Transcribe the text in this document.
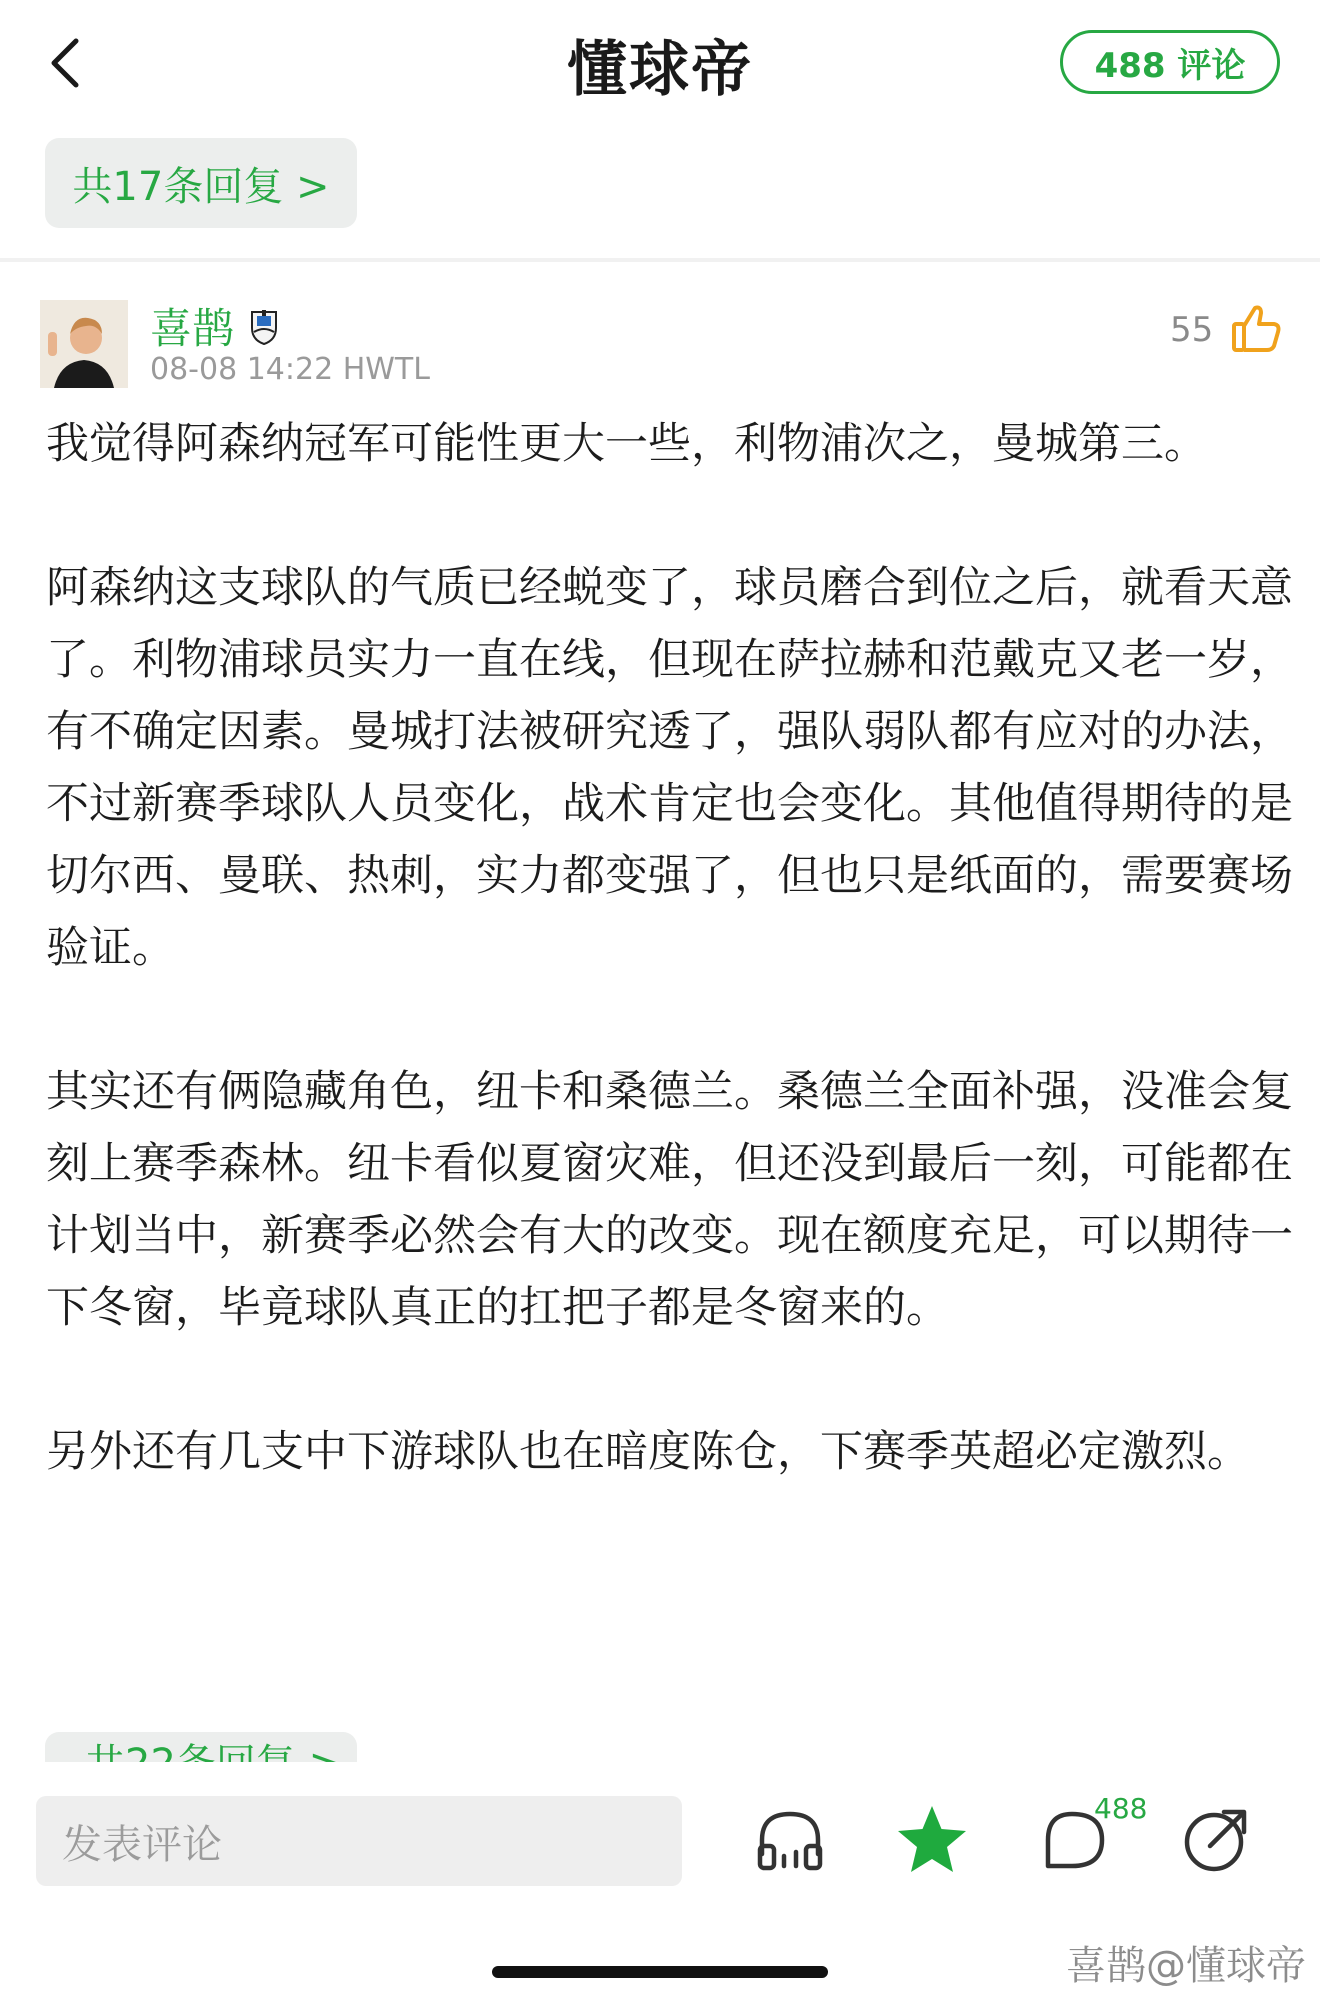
懂球帝	488 评论
共17条回复 >
喜鹊
08-08 14:22 HWTL
55

我觉得阿森纳冠军可能性更大一些，利物浦次之，曼城第三。

阿森纳这支球队的气质已经蜕变了，球员磨合到位之后，就看天意了。利物浦球员实力一直在线，但现在萨拉赫和范戴克又老一岁，有不确定因素。曼城打法被研究透了，强队弱队都有应对的办法，不过新赛季球队人员变化，战术肯定也会变化。其他值得期待的是切尔西、曼联、热刺，实力都变强了，但也只是纸面的，需要赛场验证。

其实还有俩隐藏角色，纽卡和桑德兰。桑德兰全面补强，没准会复刻上赛季森林。纽卡看似夏窗灾难，但还没到最后一刻，可能都在计划当中，新赛季必然会有大的改变。现在额度充足，可以期待一下冬窗，毕竟球队真正的扛把子都是冬窗来的。

另外还有几支中下游球队也在暗度陈仓，下赛季英超必定激烈。

发表评论
488
喜鹊@懂球帝
